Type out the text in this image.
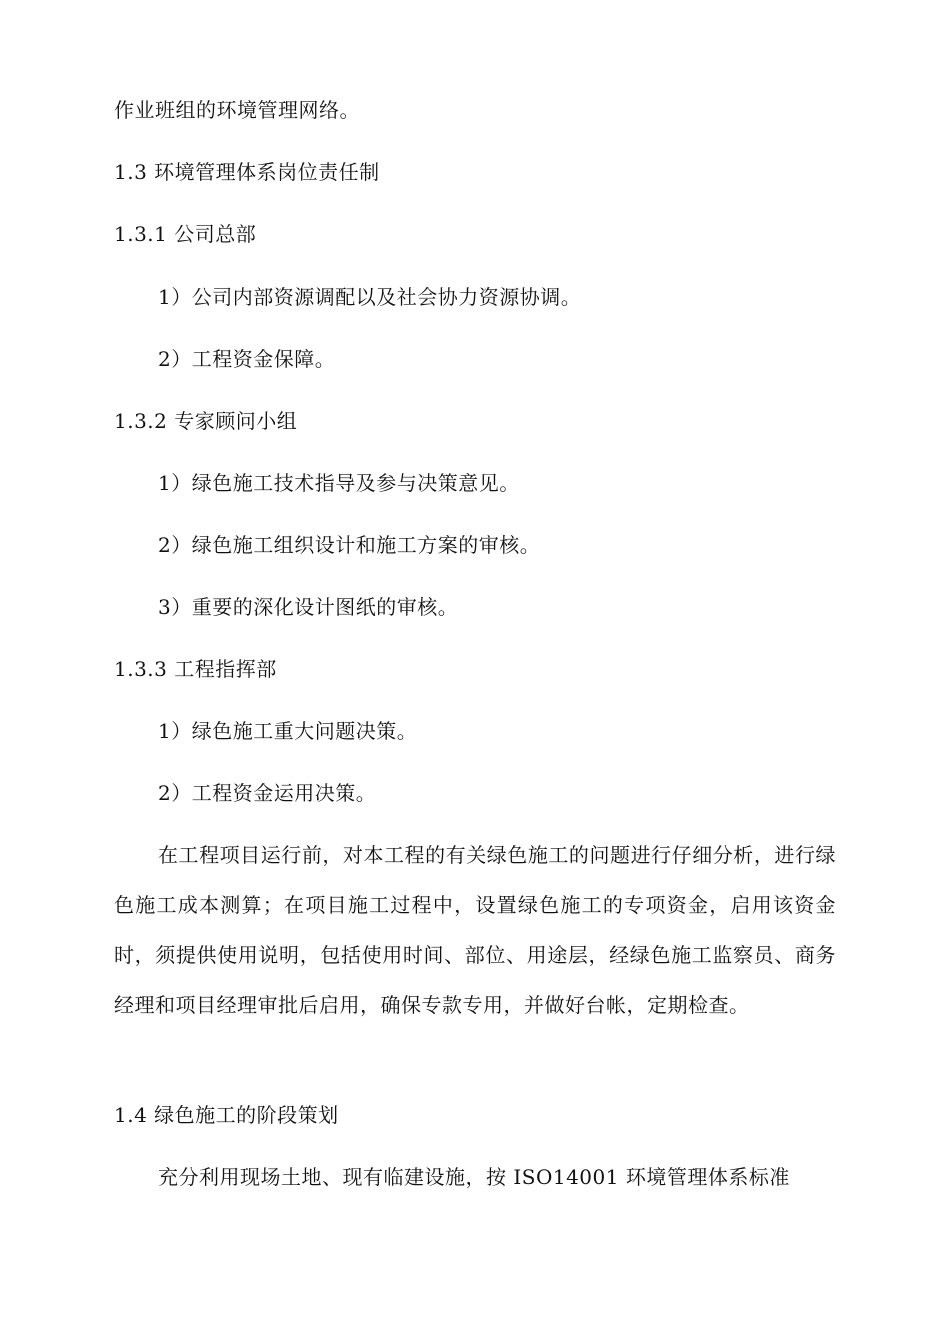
作业班组的环境管理网络。
1.3 环境管理体系岗位责任制
1.3.1 公司总部
1）公司内部资源调配以及社会协力资源协调。
2）工程资金保障。
1.3.2 专家顾问小组
1）绿色施工技术指导及参与决策意见。
2）绿色施工组织设计和施工方案的审核。
3）重要的深化设计图纸的审核。
1.3.3 工程指挥部
1）绿色施工重大问题决策。
2）工程资金运用决策。
在工程项目运行前，对本工程的有关绿色施工的问题进行仔细分析，进行绿色施工成本测算；在项目施工过程中，设置绿色施工的专项资金，启用该资金时，须提供使用说明，包括使用时间、部位、用途层，经绿色施工监察员、商务经理和项目经理审批后启用，确保专款专用，并做好台帐，定期检查。
1.4 绿色施工的阶段策划
充分利用现场土地、现有临建设施，按 ISO14001 环境管理体系标准
